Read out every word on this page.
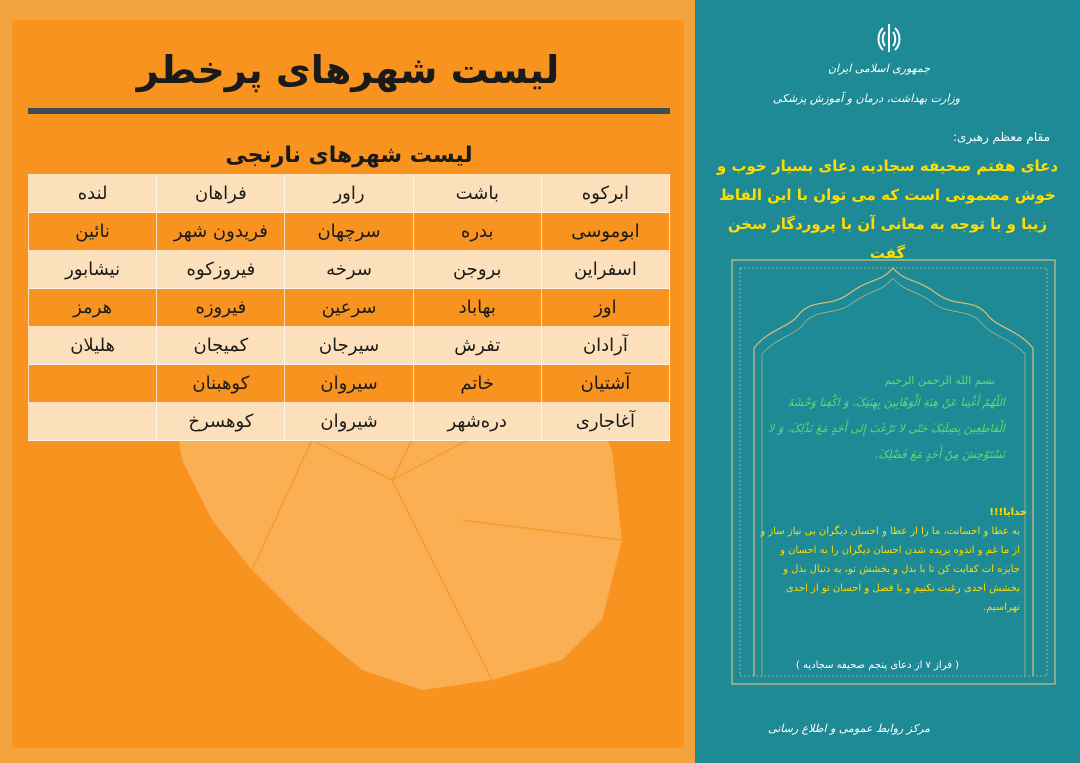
لیست شهرهای پرخطر
لیست شهرهای نارنجی
ابرکوه	باشت	راور	فراهان	لنده
ابوموسی	بدره	سرچهان	فریدون شهر	نائین
اسفراین	بروجن	سرخه	فیروزکوه	نیشابور
اوز	بهاباد	سرعین	فیروزه	هرمز
آرادان	تفرش	سیرجان	کمیجان	هلیلان
آشتیان	خاتم	سیروان	کوهبنان	
آغاجاری	دره‌شهر	شیروان	کوهسرخ	
جمهوری اسلامی ایران
وزارت بهداشت، درمان و آموزش پزشکی
مقام معظم رهبری:
دعای هفتم صحیفه سجادیه دعای بسیار خوب و خوش مضمونی است که می توان با این الفاظ زیبا و با توجه به معانی آن با پروردگار سخن گفت
بسم الله الرحمن الرحیم
اللّهُمّ أَغْنِنا عَنْ هِبَةِ الْوَهّابِینَ بِهِبَتِکَ، وَ اکْفِنا وَحْشَةَ الْقاطِعِینَ بِصِلَتِکَ حَتّى لا نَرْغَبَ إِلى أَحَدٍ مَعَ بَذْلِکَ، وَ لا نَسْتَوْحِشَ مِنْ أَحَدٍ مَعَ فَضْلِکَ.
خدایا!!!
به عطا و احسانت، ما را از عطا و احسان دیگران بی نیاز ساز و از ما غم و اندوه بریده شدن احسان دیگران را به احسان و جایزه ات کفایت کن تا با بذل و بخشش تو، به دنبال بذل و بخشش احدی رغبت نکنیم و با فضل و احسان تو از احدی نهراسیم.
( فراز ۷ از دعای پنجم صحیفه سجادیه )
مرکز روابط عمومی و اطلاع رسانی
